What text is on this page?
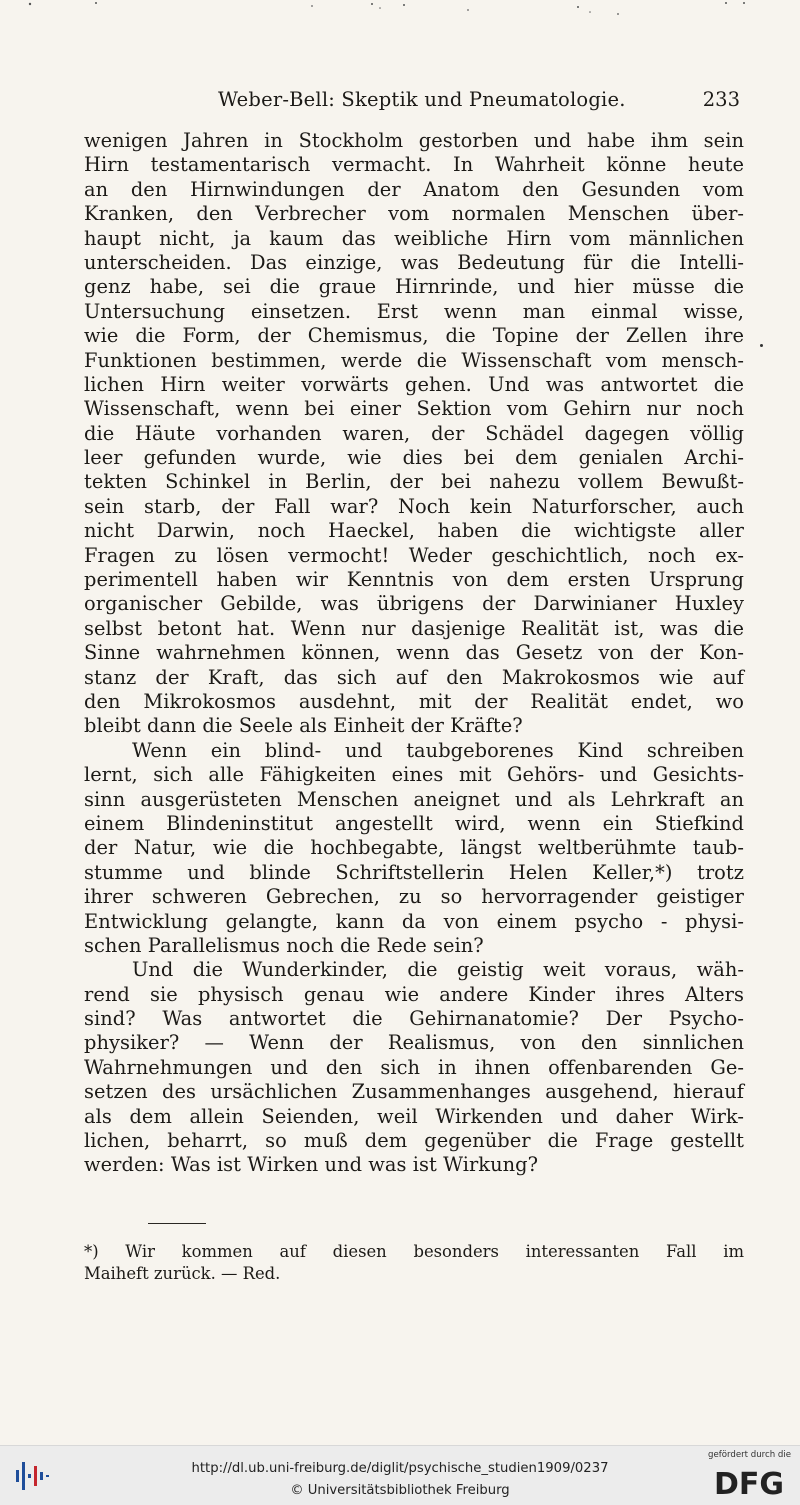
Weber-Bell: Skeptik und Pneumatologie.	233
wenigen Jahren in Stockholm gestorben und habe ihm sein
Hirn testamentarisch vermacht. In Wahrheit könne heute
an den Hirnwindungen der Anatom den Gesunden vom
Kranken, den Verbrecher vom normalen Menschen über-
haupt nicht, ja kaum das weibliche Hirn vom männlichen
unterscheiden. Das einzige, was Bedeutung für die Intelli-
genz habe, sei die graue Hirnrinde, und hier müsse die
Untersuchung einsetzen. Erst wenn man einmal wisse,
wie die Form, der Chemismus, die Topine der Zellen ihre
Funktionen bestimmen, werde die Wissenschaft vom mensch-
lichen Hirn weiter vorwärts gehen. Und was antwortet die
Wissenschaft, wenn bei einer Sektion vom Gehirn nur noch
die Häute vorhanden waren, der Schädel dagegen völlig
leer gefunden wurde, wie dies bei dem genialen Archi-
tekten Schinkel in Berlin, der bei nahezu vollem Bewußt-
sein starb, der Fall war? Noch kein Naturforscher, auch
nicht Darwin, noch Haeckel, haben die wichtigste aller
Fragen zu lösen vermocht! Weder geschichtlich, noch ex-
perimentell haben wir Kenntnis von dem ersten Ursprung
organischer Gebilde, was übrigens der Darwinianer Huxley
selbst betont hat. Wenn nur dasjenige Realität ist, was die
Sinne wahrnehmen können, wenn das Gesetz von der Kon-
stanz der Kraft, das sich auf den Makrokosmos wie auf
den Mikrokosmos ausdehnt, mit der Realität endet, wo
bleibt dann die Seele als Einheit der Kräfte?
Wenn ein blind- und taubgeborenes Kind schreiben
lernt, sich alle Fähigkeiten eines mit Gehörs- und Gesichts-
sinn ausgerüsteten Menschen aneignet und als Lehrkraft an
einem Blindeninstitut angestellt wird, wenn ein Stiefkind
der Natur, wie die hochbegabte, längst weltberühmte taub-
stumme und blinde Schriftstellerin Helen Keller,*) trotz
ihrer schweren Gebrechen, zu so hervorragender geistiger
Entwicklung gelangte, kann da von einem psycho - physi-
schen Parallelismus noch die Rede sein?
Und die Wunderkinder, die geistig weit voraus, wäh-
rend sie physisch genau wie andere Kinder ihres Alters
sind? Was antwortet die Gehirnanatomie? Der Psycho-
physiker? — Wenn der Realismus, von den sinnlichen
Wahrnehmungen und den sich in ihnen offenbarenden Ge-
setzen des ursächlichen Zusammenhanges ausgehend, hierauf
als dem allein Seienden, weil Wirkenden und daher Wirk-
lichen, beharrt, so muß dem gegenüber die Frage gestellt
werden: Was ist Wirken und was ist Wirkung?
*) Wir kommen auf diesen besonders interessanten Fall im
Maiheft zurück. — Red.
http://dl.ub.uni-freiburg.de/diglit/psychische_studien1909/0237
© Universitätsbibliothek Freiburg
gefördert durch die
DFG
